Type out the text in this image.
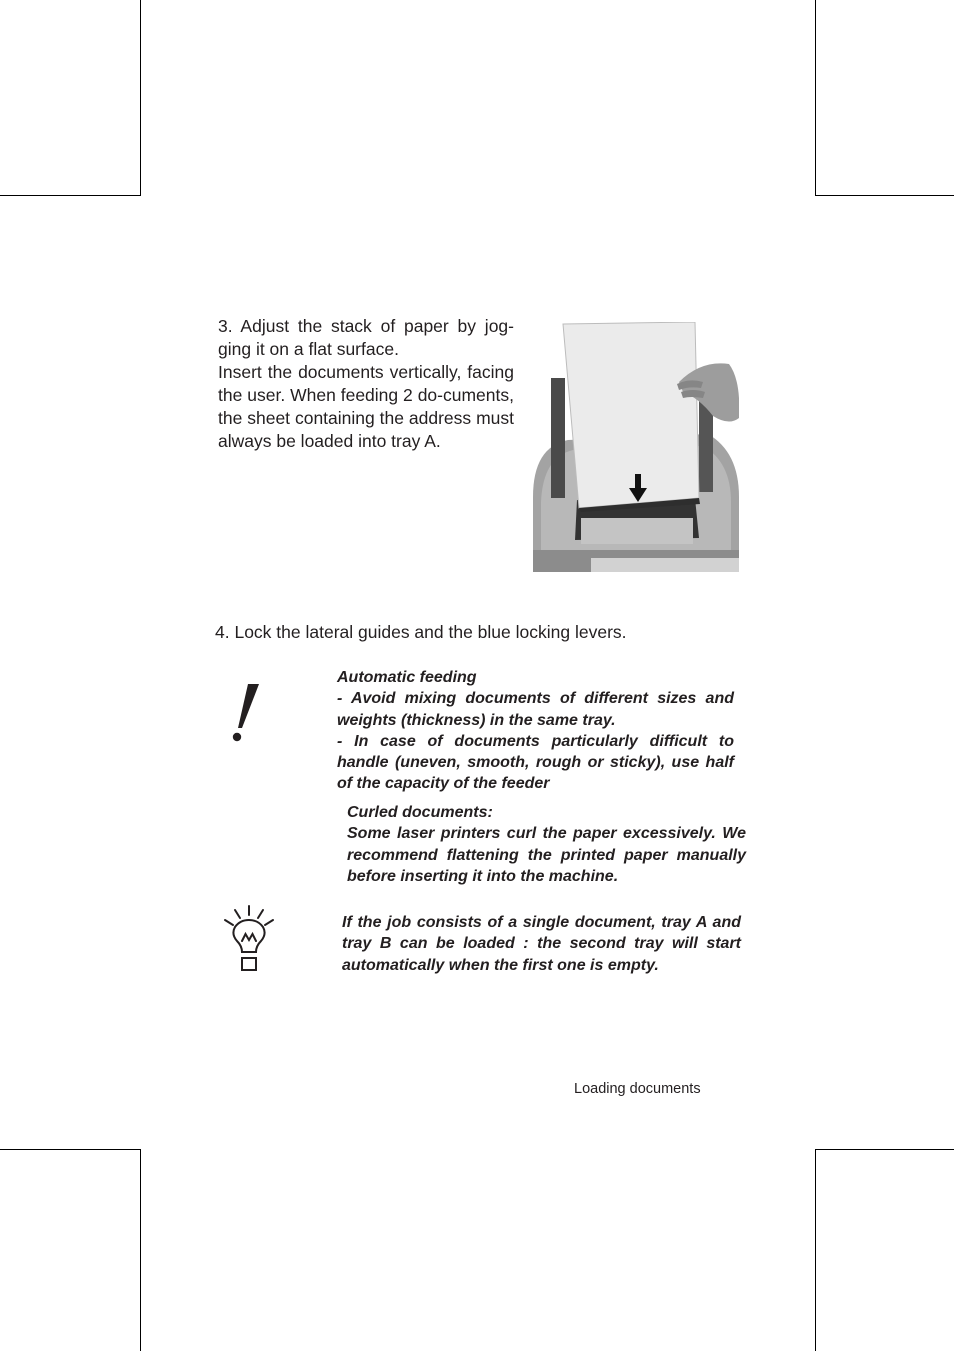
3. Adjust the stack of paper by jog-ging it on a flat surface.

Insert the documents vertically, facing the user. When feeding 2 do-cuments, the sheet containing the address must always be loaded into tray A.

4. Lock the lateral guides and the blue locking levers.

Automatic feeding

- Avoid mixing documents of different sizes and weights (thickness) in the same tray.

- In case of documents particularly difficult to handle (uneven, smooth, rough or sticky), use half of the capacity of the feeder

Curled documents:

Some laser printers curl the paper excessively. We recommend flattening the printed paper manually before inserting it into the machine.

If the job consists of a single document, tray A and tray B can be loaded : the second tray will start automatically when the first one is empty.
Loading documents
